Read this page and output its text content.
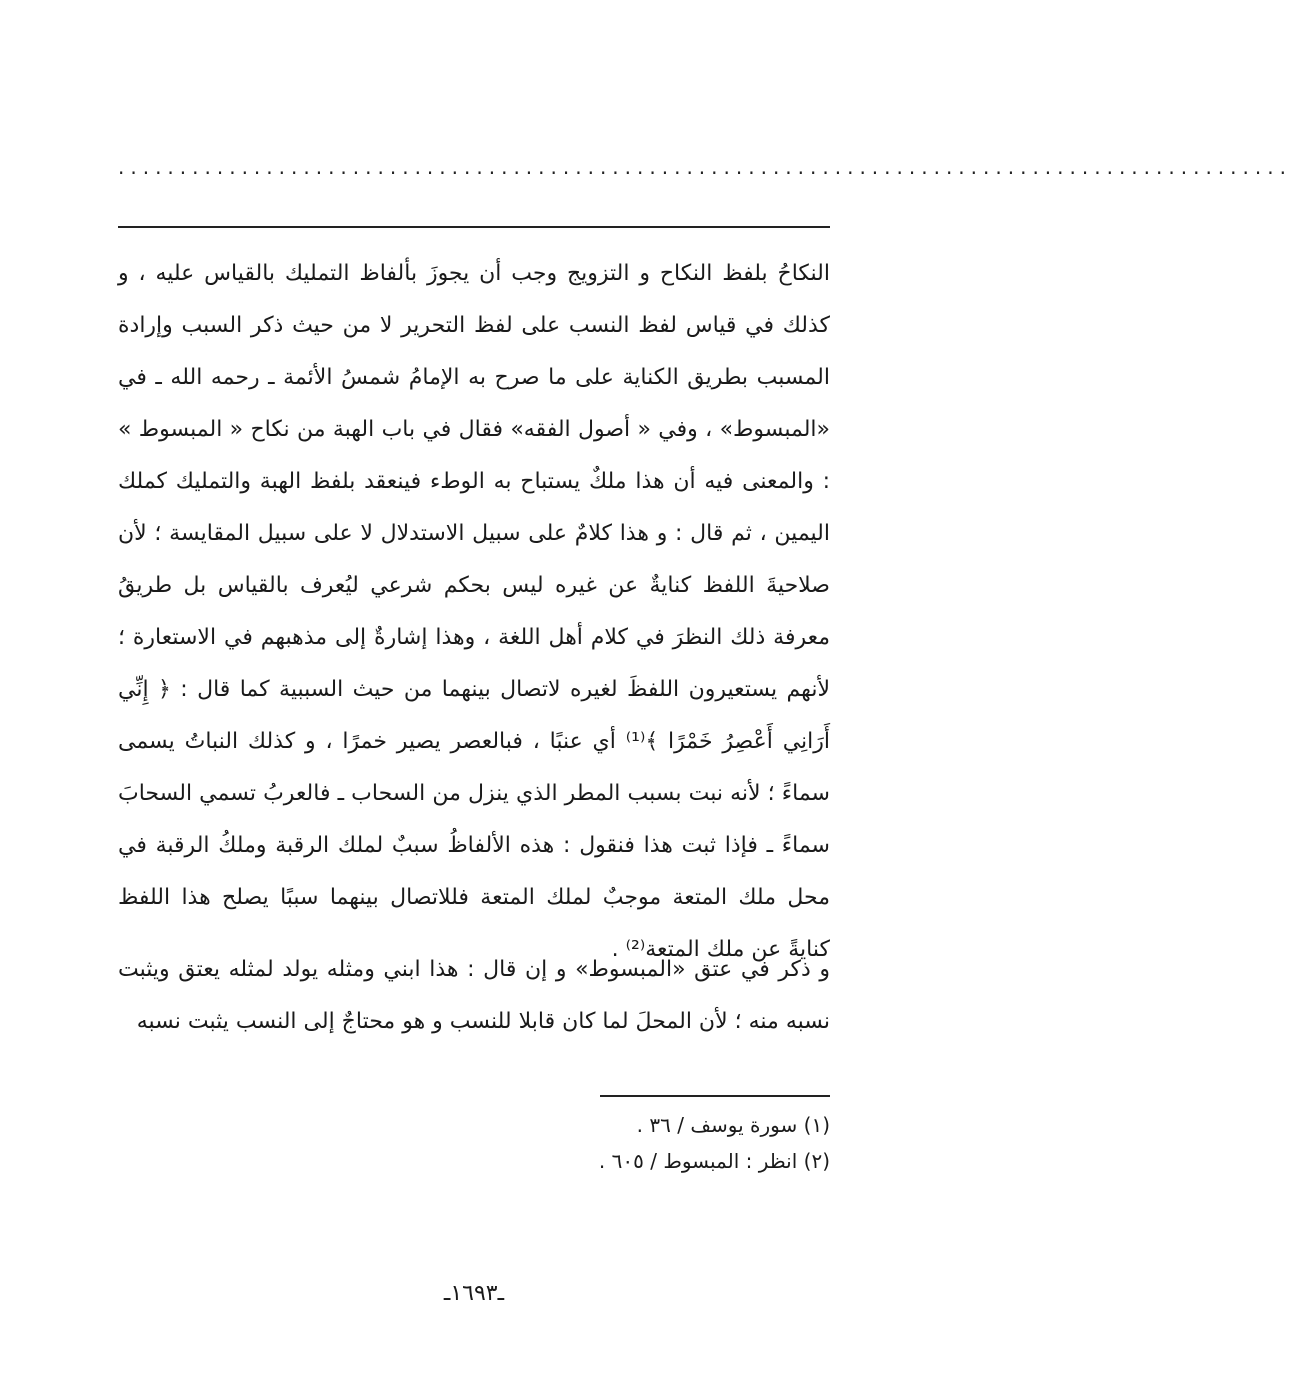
...............................................................................................

النكاحُ بلفظ النكاح و التزويج وجب أن يجوزَ بألفاظ التمليك بالقياس عليه ، و كذلك في قياس لفظ النسب على لفظ التحرير لا من حيث ذكر السبب وإرادة المسبب بطريق الكناية على ما صرح به الإمامُ شمسُ الأئمة ـ رحمه الله ـ في «المبسوط» ، وفي « أصول الفقه» فقال في باب الهبة من نكاح « المبسوط » : والمعنى فيه أن هذا ملكٌ يستباح به الوطء فينعقد بلفظ الهبة والتمليك كملك اليمين ، ثم قال : و هذا كلامٌ على سبيل الاستدلال لا على سبيل المقايسة ؛ لأن صلاحيةَ اللفظ كنايةٌ عن غيره ليس بحكم شرعي ليُعرف بالقياس بل طريقُ معرفة ذلك النظرَ في كلام أهل اللغة ، وهذا إشارةٌ إلى مذهبهم في الاستعارة ؛ لأنهم يستعيرون اللفظَ لغيره لاتصال بينهما من حيث السببية كما قال : ﴿ إِنِّي أَرَانِي أَعْصِرُ خَمْرًا ﴾⁽¹⁾ أي عنبًا ، فبالعصر يصير خمرًا ، و كذلك النباتُ يسمى سماءً ؛ لأنه نبت بسبب المطر الذي ينزل من السحاب ـ فالعربُ تسمي السحابَ سماءً ـ فإذا ثبت هذا فنقول : هذه الألفاظُ سببٌ لملك الرقبة وملكُ الرقبة في محل ملك المتعة موجبٌ لملك المتعة فللاتصال بينهما سببًا يصلح هذا اللفظ كنايةً عن ملك المتعة⁽²⁾ .

و ذكر في عتق «المبسوط» و إن قال : هذا ابني ومثله يولد لمثله يعتق ويثبت نسبه منه ؛ لأن المحلَ لما كان قابلا للنسب و هو محتاجٌ إلى النسب يثبت نسبه

(١) سورة يوسف / ٣٦ .
(٢) انظر : المبسوط / ٦٠٥ .
ـ١٦٩٣ـ
